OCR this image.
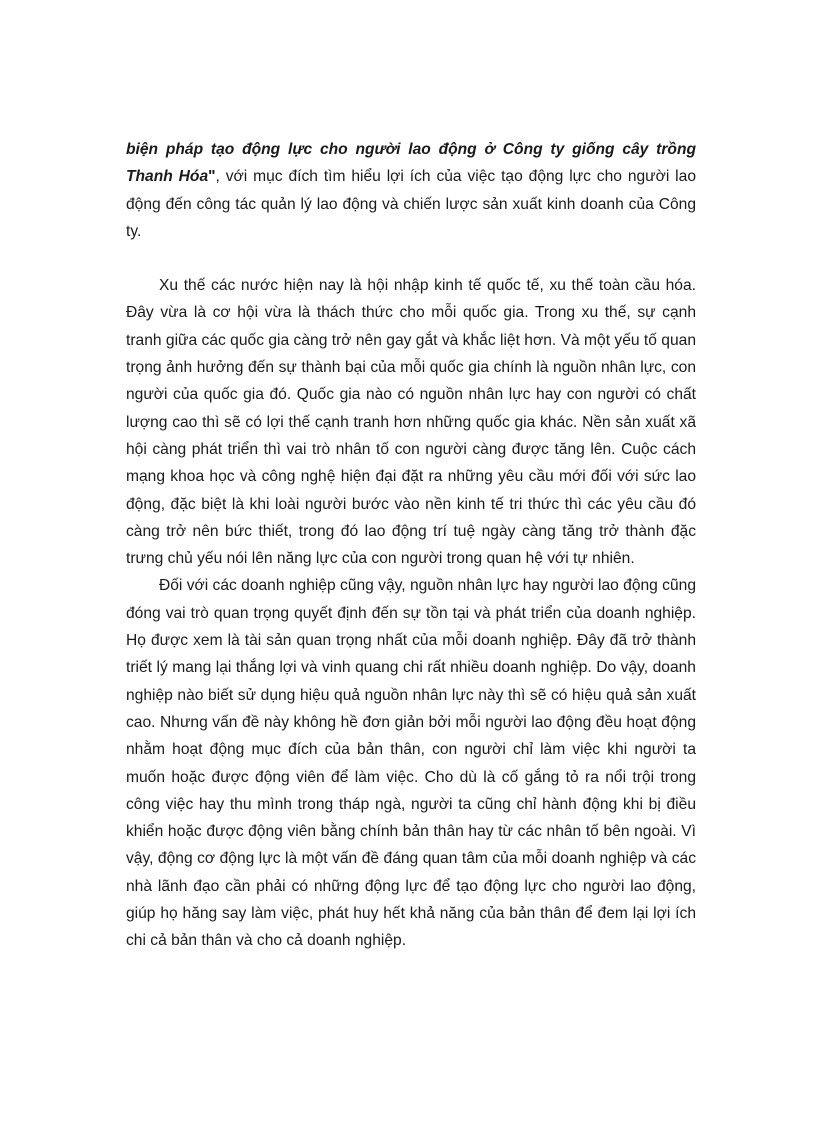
biện pháp tạo động lực cho người lao động ở Công ty giống cây trồng Thanh Hóa", với mục đích tìm hiểu lợi ích của việc tạo động lực cho người lao động đến công tác quản lý lao động và chiến lược sản xuất kinh doanh của Công ty.

Xu thế các nước hiện nay là hội nhập kinh tế quốc tế, xu thế toàn cầu hóa. Đây vừa là cơ hội vừa là thách thức cho mỗi quốc gia. Trong xu thế, sự cạnh tranh giữa các quốc gia càng trở nên gay gắt và khắc liệt hơn. Và một yếu tố quan trọng ảnh hưởng đến sự thành bại của mỗi quốc gia chính là nguồn nhân lực, con người của quốc gia đó. Quốc gia nào có nguồn nhân lực hay con người có chất lượng cao thì sẽ có lợi thế cạnh tranh hơn những quốc gia khác. Nền sản xuất xã hội càng phát triển thì vai trò nhân tố con người càng được tăng lên. Cuộc cách mạng khoa học và công nghệ hiện đại đặt ra những yêu cầu mới đối với sức lao động, đặc biệt là khi loài người bước vào nền kinh tế tri thức thì các yêu cầu đó càng trở nên bức thiết, trong đó lao động trí tuệ ngày càng tăng trở thành đặc trưng chủ yếu nói lên năng lực của con người trong quan hệ với tự nhiên.

Đối với các doanh nghiệp cũng vậy, nguồn nhân lực hay người lao động cũng đóng vai trò quan trọng quyết định đến sự tồn tại và phát triển của doanh nghiệp. Họ được xem là tài sản quan trọng nhất của mỗi doanh nghiệp. Đây đã trở thành triết lý mang lại thắng lợi và vinh quang chi rất nhiều doanh nghiệp. Do vậy, doanh nghiệp nào biết sử dụng hiệu quả nguồn nhân lực này thì sẽ có hiệu quả sản xuất cao. Nhưng vấn đề này không hề đơn giản bởi mỗi người lao động đều hoạt động nhằm hoạt động mục đích của bản thân, con người chỉ làm việc khi người ta muốn hoặc được động viên để làm việc. Cho dù là cố gắng tỏ ra nổi trội trong công việc hay thu mình trong tháp ngà, người ta cũng chỉ hành động khi bị điều khiển hoặc được động viên bằng chính bản thân hay từ các nhân tố bên ngoài. Vì vậy, động cơ động lực là một vấn đề đáng quan tâm của mỗi doanh nghiệp và các nhà lãnh đạo cần phải có những động lực để tạo động lực cho người lao động, giúp họ hăng say làm việc, phát huy hết khả năng của bản thân để đem lại lợi ích chi cả bản thân và cho cả doanh nghiệp.
